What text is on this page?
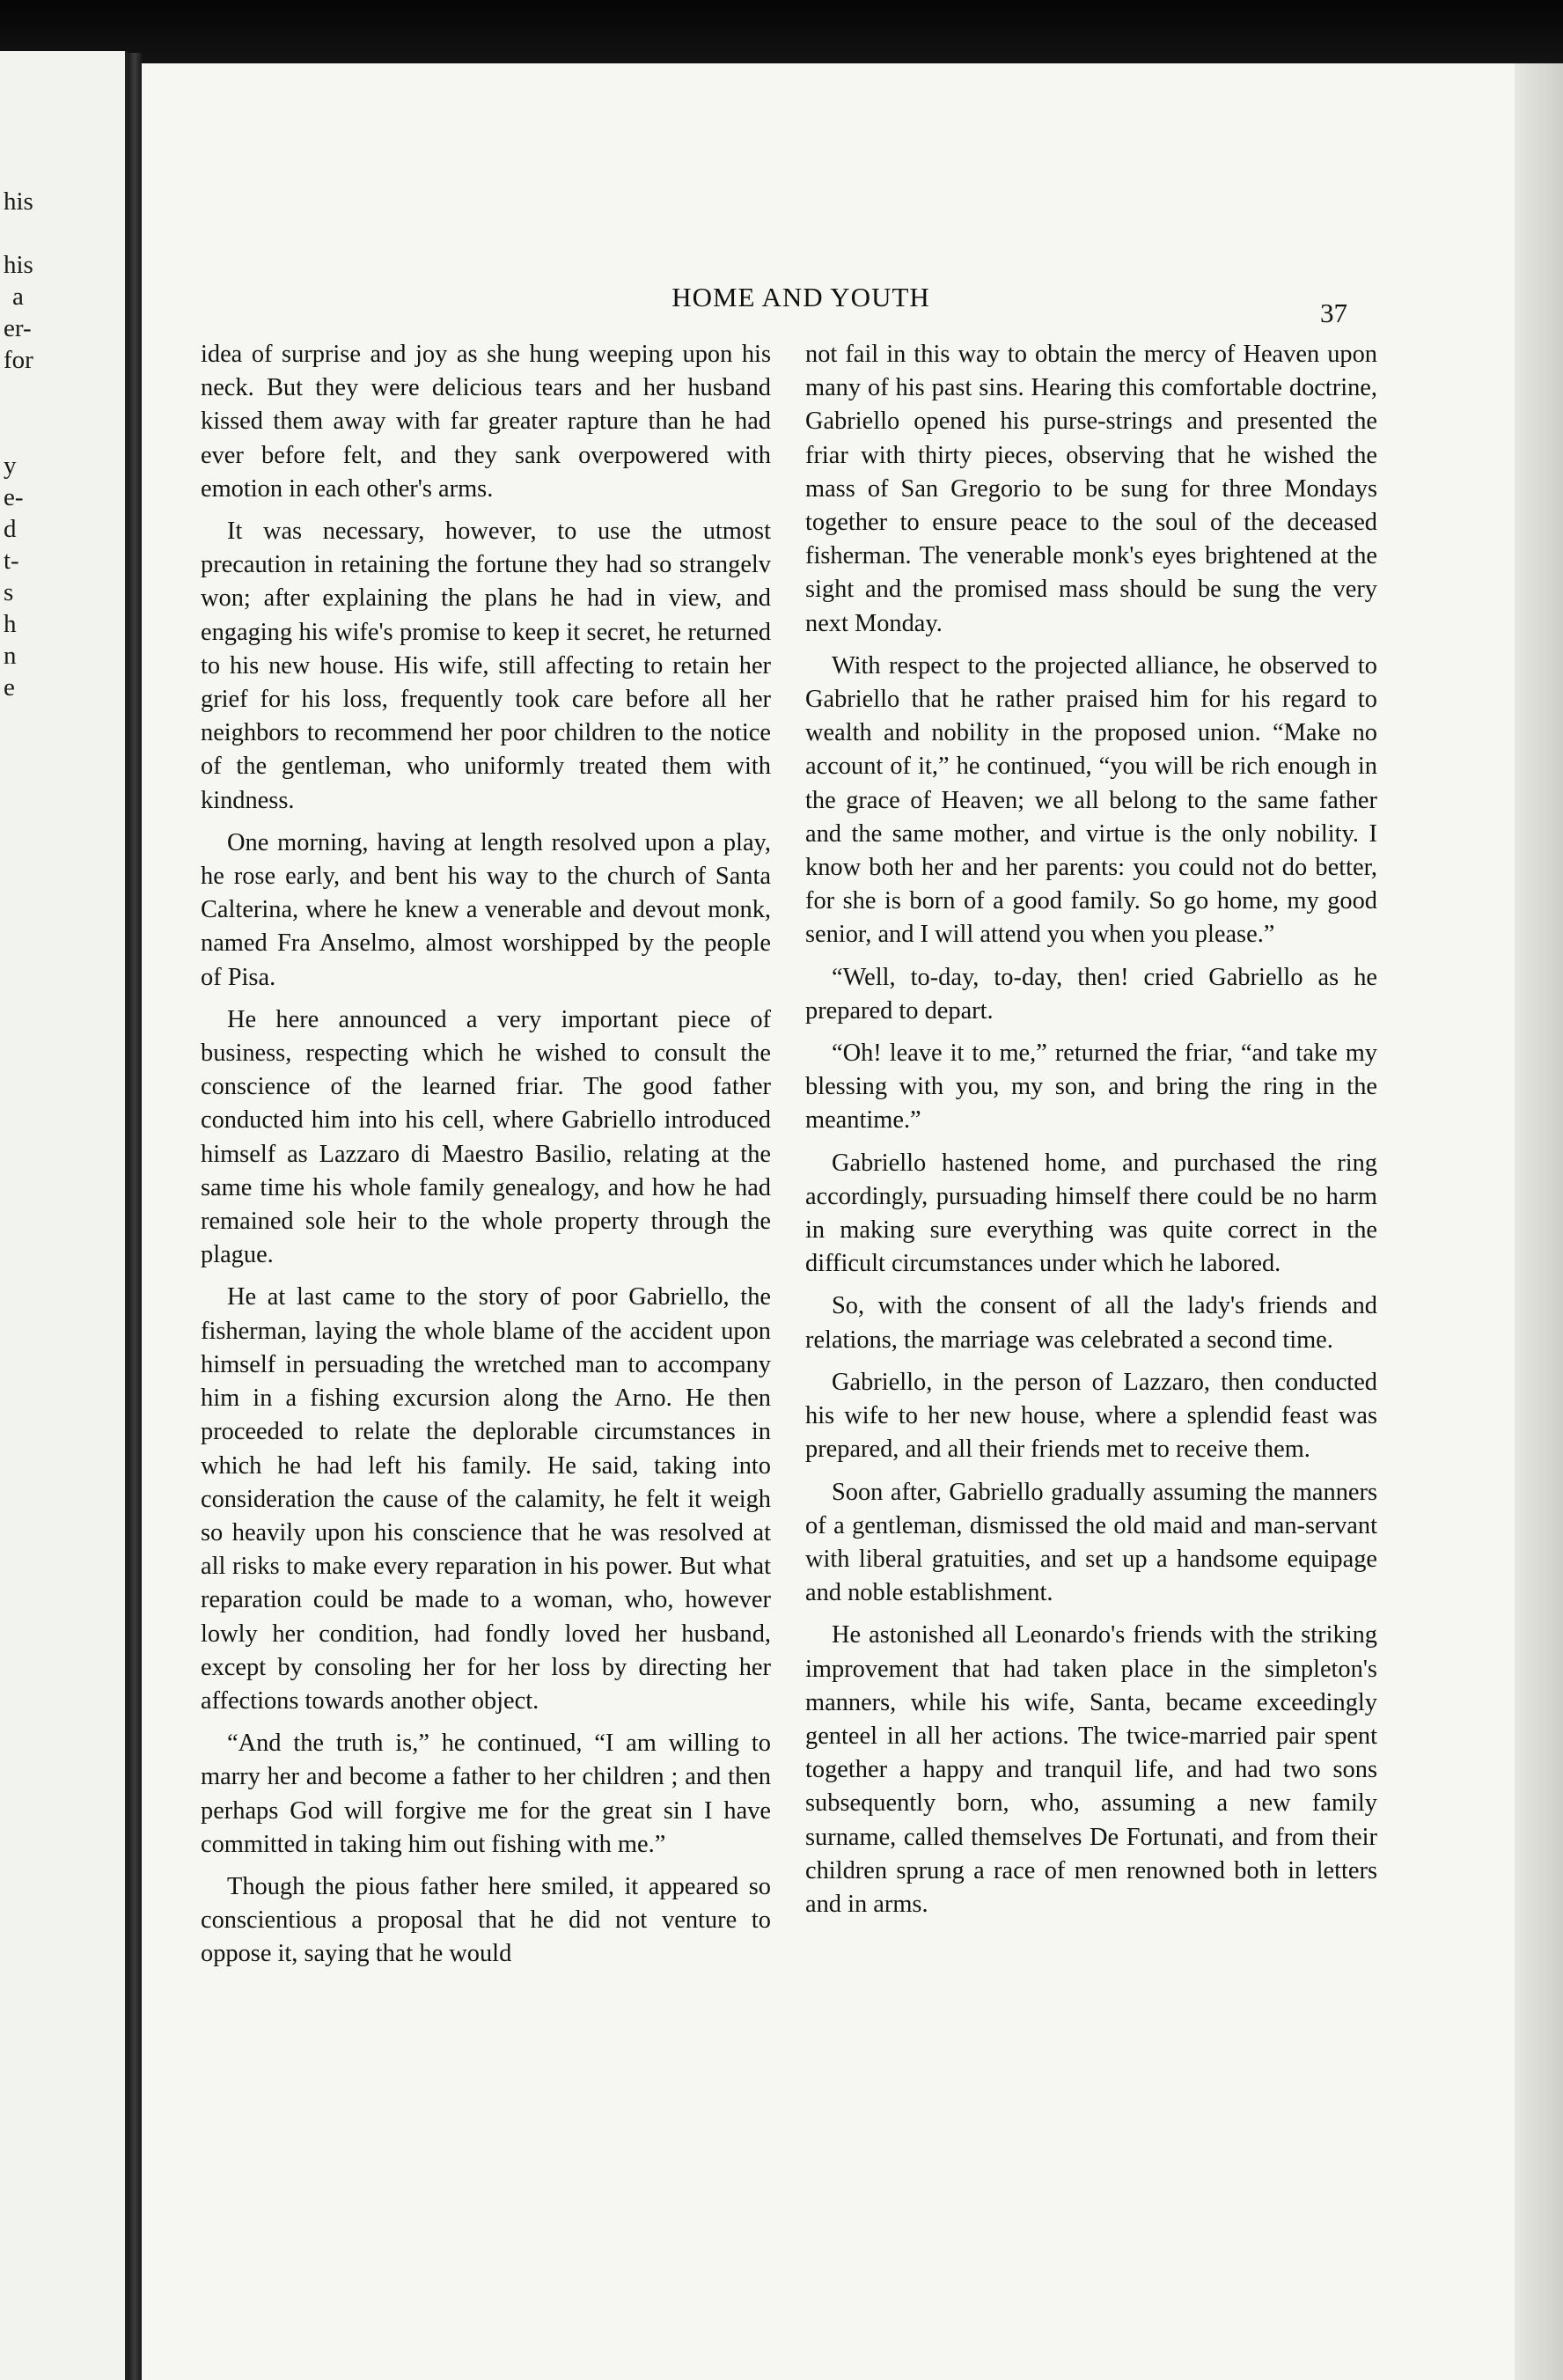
his
his
a
er-
for
y
e-
d
t-
s
h
n
e
HOME AND YOUTH
37

idea of surprise and joy as she hung weeping upon his neck. But they were delicious tears and her husband kissed them away with far greater rapture than he had ever before felt, and they sank overpowered with emotion in each other's arms.

It was necessary, however, to use the utmost precaution in retaining the fortune they had so strangelv won; after explaining the plans he had in view, and engaging his wife's promise to keep it secret, he returned to his new house. His wife, still affecting to retain her grief for his loss, frequently took care before all her neighbors to recommend her poor children to the notice of the gentleman, who uniformly treated them with kindness.

One morning, having at length resolved upon a play, he rose early, and bent his way to the church of Santa Calterina, where he knew a venerable and devout monk, named Fra Anselmo, almost worshipped by the people of Pisa.

He here announced a very important piece of business, respecting which he wished to consult the conscience of the learned friar. The good father conducted him into his cell, where Gabriello introduced himself as Lazzaro di Maestro Basilio, relating at the same time his whole family genealogy, and how he had remained sole heir to the whole property through the plague.

He at last came to the story of poor Gabriello, the fisherman, laying the whole blame of the accident upon himself in persuading the wretched man to accompany him in a fishing excursion along the Arno. He then proceeded to relate the deplorable circumstances in which he had left his family. He said, taking into consideration the cause of the calamity, he felt it weigh so heavily upon his conscience that he was resolved at all risks to make every reparation in his power. But what reparation could be made to a woman, who, however lowly her condition, had fondly loved her husband, except by consoling her for her loss by directing her affections towards another object.

“And the truth is,” he continued, “I am willing to marry her and become a father to her children ; and then perhaps God will forgive me for the great sin I have committed in taking him out fishing with me.”

Though the pious father here smiled, it appeared so conscientious a proposal that he did not venture to oppose it, saying that he would

not fail in this way to obtain the mercy of Heaven upon many of his past sins. Hearing this comfortable doctrine, Gabriello opened his purse-strings and presented the friar with thirty pieces, observing that he wished the mass of San Gregorio to be sung for three Mondays together to ensure peace to the soul of the deceased fisherman. The venerable monk's eyes brightened at the sight and the promised mass should be sung the very next Monday.

With respect to the projected alliance, he observed to Gabriello that he rather praised him for his regard to wealth and nobility in the proposed union. “Make no account of it,” he continued, “you will be rich enough in the grace of Heaven; we all belong to the same father and the same mother, and virtue is the only nobility. I know both her and her parents: you could not do better, for she is born of a good family. So go home, my good senior, and I will attend you when you please.”

“Well, to-day, to-day, then! cried Gabriello as he prepared to depart.

“Oh! leave it to me,” returned the friar, “and take my blessing with you, my son, and bring the ring in the meantime.”

Gabriello hastened home, and purchased the ring accordingly, pursuading himself there could be no harm in making sure everything was quite correct in the difficult circumstances under which he labored.

So, with the consent of all the lady's friends and relations, the marriage was celebrated a second time.

Gabriello, in the person of Lazzaro, then conducted his wife to her new house, where a splendid feast was prepared, and all their friends met to receive them.

Soon after, Gabriello gradually assuming the manners of a gentleman, dismissed the old maid and man-servant with liberal gratuities, and set up a handsome equipage and noble establishment.

He astonished all Leonardo's friends with the striking improvement that had taken place in the simpleton's manners, while his wife, Santa, became exceedingly genteel in all her actions. The twice-married pair spent together a happy and tranquil life, and had two sons subsequently born, who, assuming a new family surname, called themselves De Fortunati, and from their children sprung a race of men renowned both in letters and in arms.
